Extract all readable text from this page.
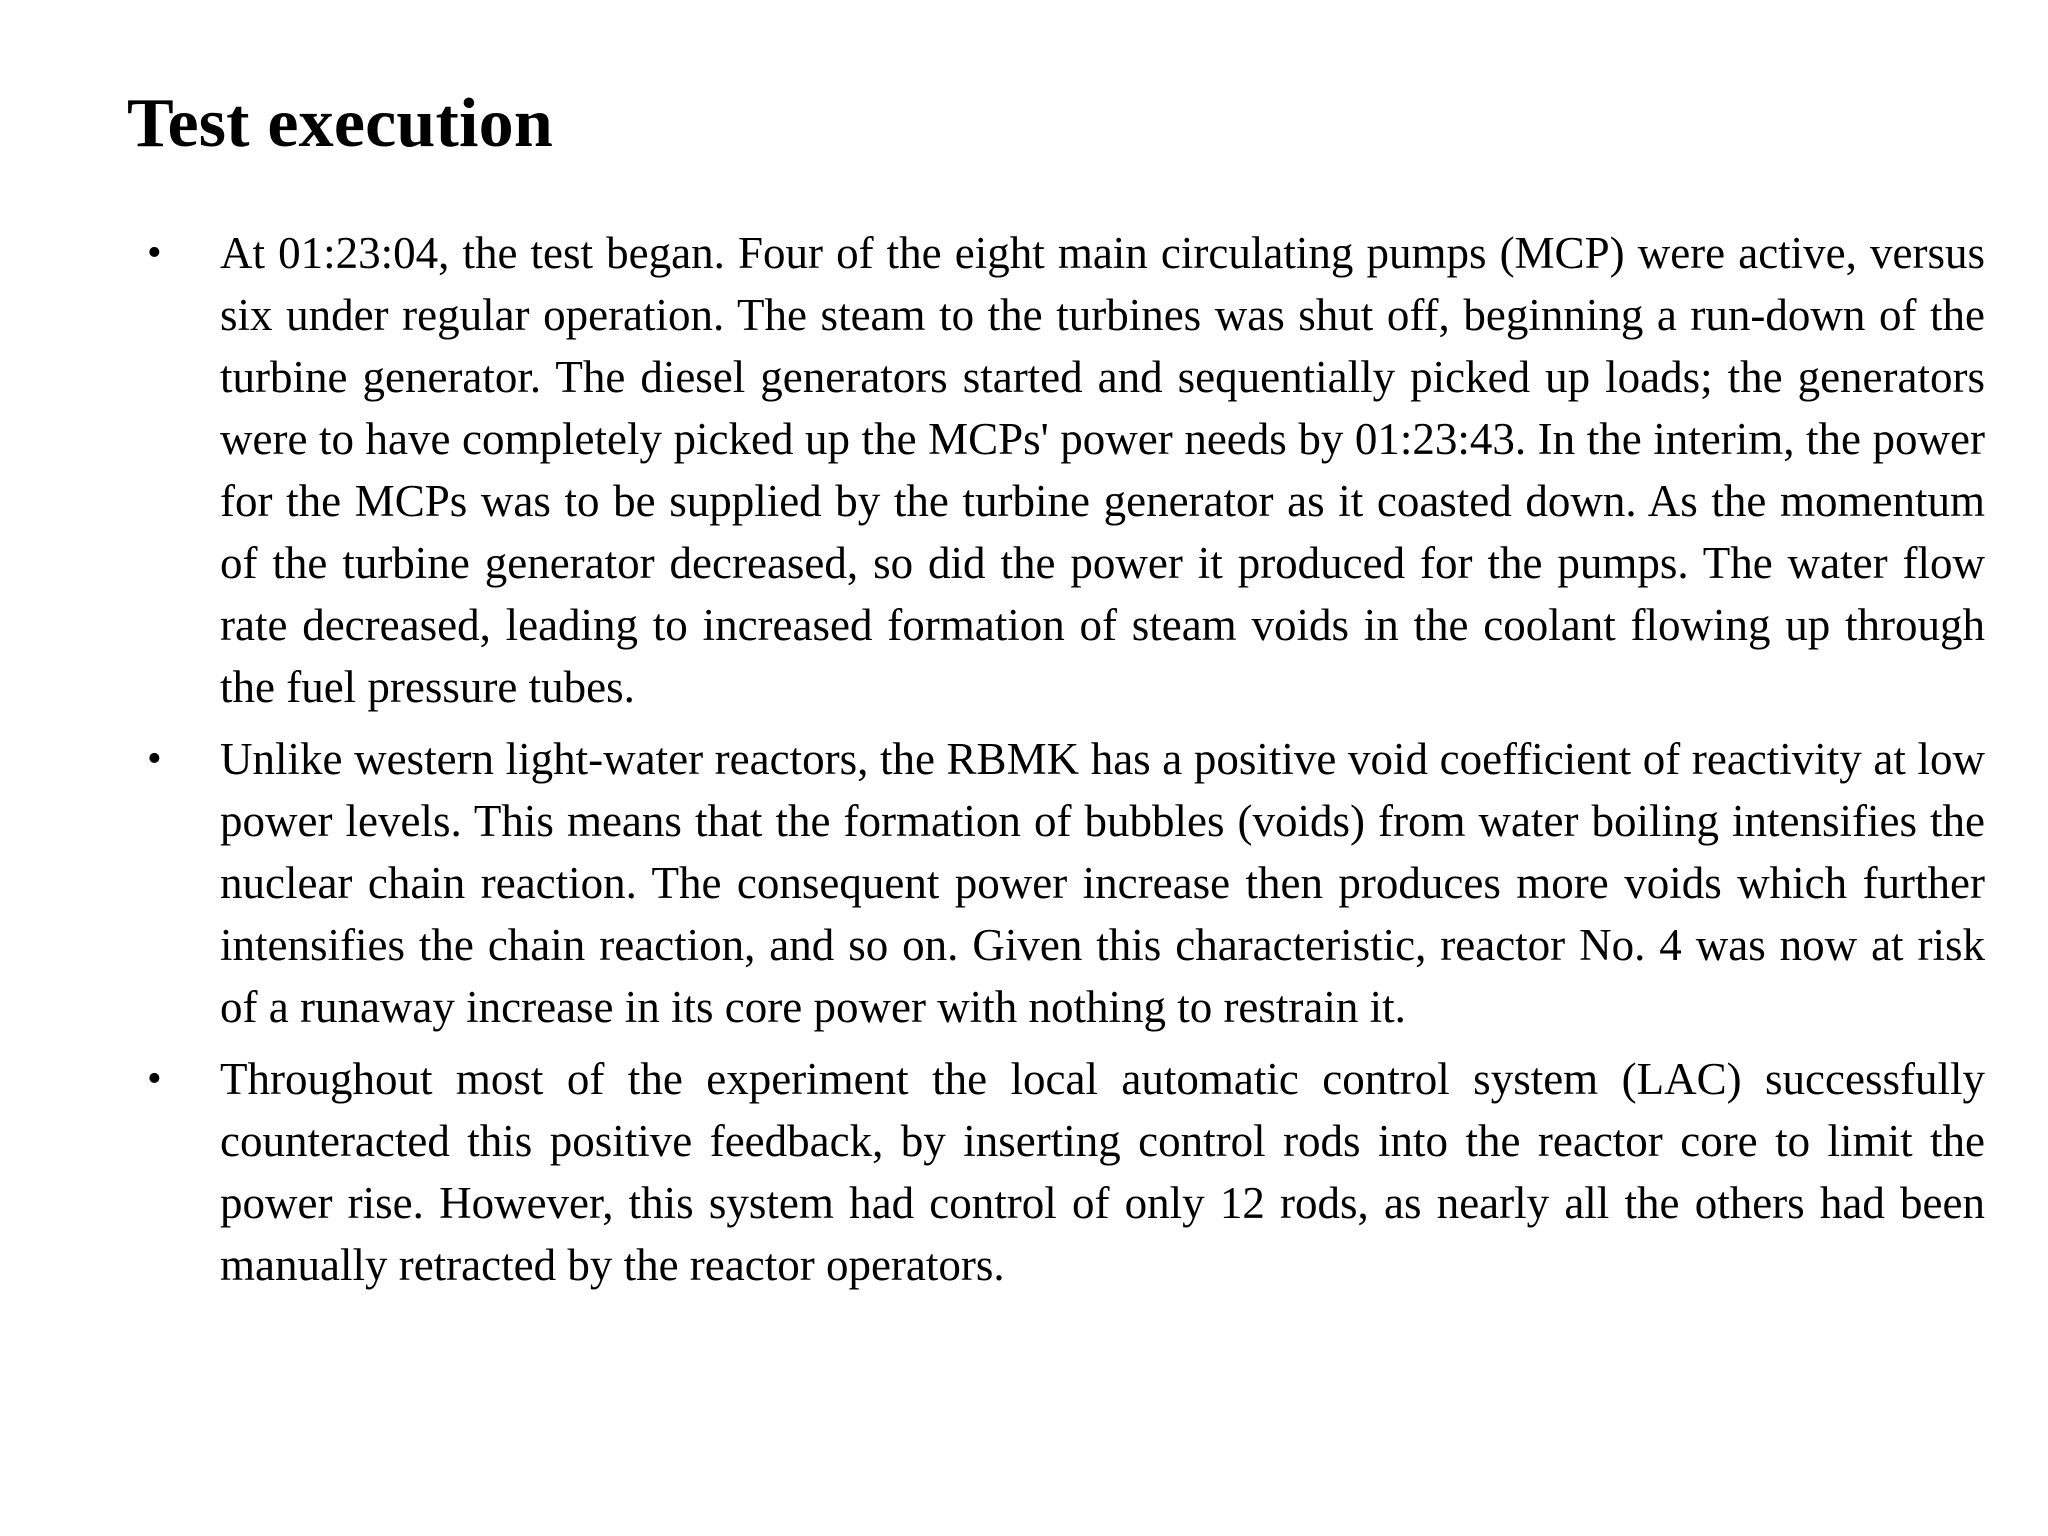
Test execution
• At 01:23:04, the test began. Four of the eight main circulating pumps (MCP) were active, versus six under regular operation. The steam to the turbines was shut off, beginning a run-down of the turbine generator. The diesel generators started and sequentially picked up loads; the generators were to have completely picked up the MCPs' power needs by 01:23:43. In the interim, the power for the MCPs was to be supplied by the turbine generator as it coasted down. As the momentum of the turbine generator decreased, so did the power it produced for the pumps. The water flow rate decreased, leading to increased formation of steam voids in the coolant flowing up through the fuel pressure tubes.

• Unlike western light-water reactors, the RBMK has a positive void coefficient of reactivity at low power levels. This means that the formation of bubbles (voids) from water boiling intensifies the nuclear chain reaction. The consequent power increase then produces more voids which further intensifies the chain reaction, and so on. Given this characteristic, reactor No. 4 was now at risk of a runaway increase in its core power with nothing to restrain it.

• Throughout most of the experiment the local automatic control system (LAC) successfully counteracted this positive feedback, by inserting control rods into the reactor core to limit the power rise. However, this system had control of only 12 rods, as nearly all the others had been manually retracted by the reactor operators.
